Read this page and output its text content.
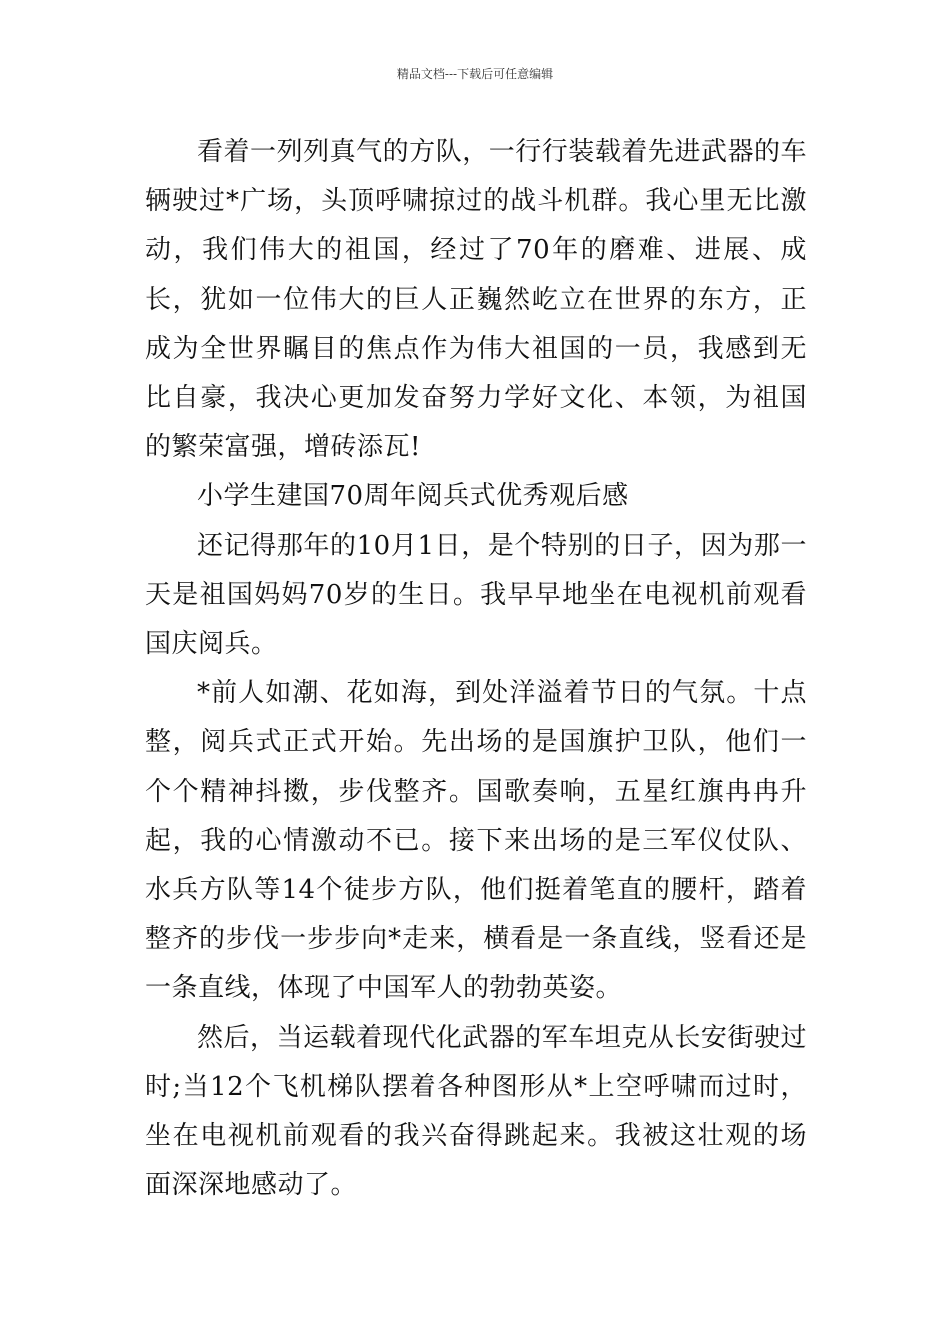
精品文档---下载后可任意编辑

看着一列列真气的方队，一行行装载着先进武器的车辆驶过*广场，头顶呼啸掠过的战斗机群。我心里无比激动，我们伟大的祖国，经过了70年的磨难、进展、成长，犹如一位伟大的巨人正巍然屹立在世界的东方，正成为全世界瞩目的焦点作为伟大祖国的一员，我感到无比自豪，我决心更加发奋努力学好文化、本领，为祖国的繁荣富强，增砖添瓦!

小学生建国70周年阅兵式优秀观后感

还记得那年的10月1日，是个特别的日子，因为那一天是祖国妈妈70岁的生日。我早早地坐在电视机前观看国庆阅兵。

*前人如潮、花如海，到处洋溢着节日的气氛。十点整，阅兵式正式开始。先出场的是国旗护卫队，他们一个个精神抖擞，步伐整齐。国歌奏响，五星红旗冉冉升起，我的心情激动不已。接下来出场的是三军仪仗队、水兵方队等14个徒步方队，他们挺着笔直的腰杆，踏着整齐的步伐一步步向*走来，横看是一条直线，竖看还是一条直线，体现了中国军人的勃勃英姿。

然后，当运载着现代化武器的军车坦克从长安街驶过时;当12个飞机梯队摆着各种图形从*上空呼啸而过时，坐在电视机前观看的我兴奋得跳起来。我被这壮观的场面深深地感动了。
